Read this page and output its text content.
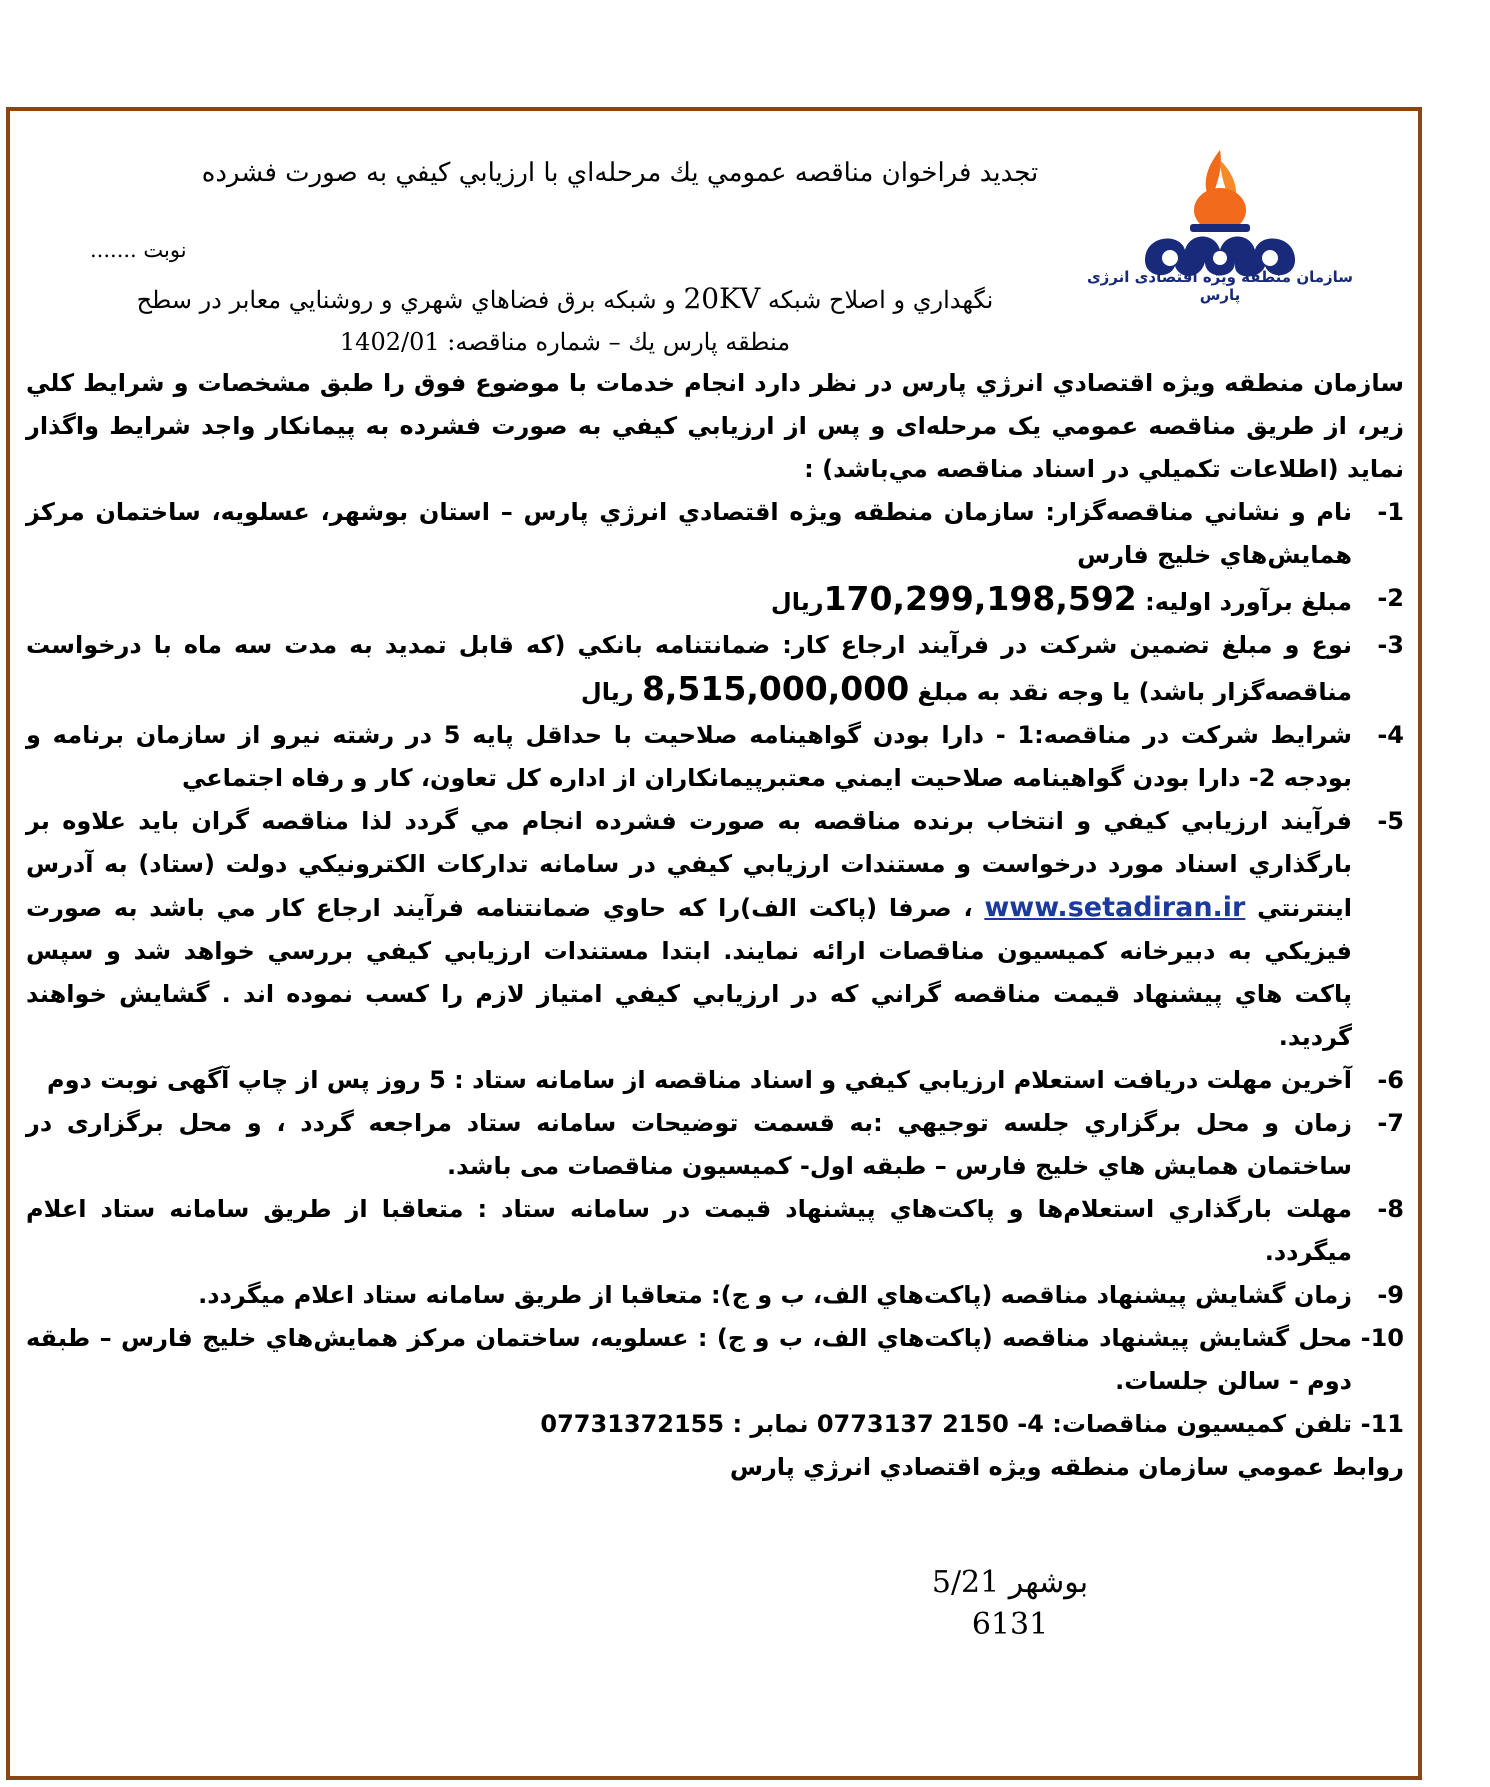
سازمان منطقه ویژه اقتصادی انرژی پارس
تجديد فراخوان مناقصه عمومي يك مرحله‌اي با ارزيابي كيفي به صورت فشرده
نوبت .......
نگهداري و اصلاح شبكه 20KV و شبكه برق فضاهاي شهري و روشنايي معابر در سطح
منطقه پارس يك – شماره مناقصه: 1402/01

سازمان منطقه ويژه اقتصادي انرژي پارس در نظر دارد انجام خدمات با موضوع فوق را طبق مشخصات و شرايط كلي زير، از طريق مناقصه عمومي يک مرحله‌ای و پس از ارزيابي كيفي به صورت فشرده به پيمانكار واجد شرايط واگذار نمايد (اطلاعات تكميلي در اسناد مناقصه مي‌باشد) :

1-
نام و نشاني مناقصه‌گزار: سازمان منطقه ويژه اقتصادي انرژي پارس – استان بوشهر، عسلويه، ساختمان مركز همايش‌هاي خليج فارس
2-
مبلغ برآورد اوليه: 170,299,198,592ريال
3-
نوع و مبلغ تضمين شركت در فرآيند ارجاع كار: ضمانتنامه بانكي (كه قابل تمديد به مدت سه ماه با درخواست مناقصه‌گزار باشد) يا وجه نقد به مبلغ 8,515,000,000 ريال
4-
شرايط شركت در مناقصه:1 - دارا بودن گواهينامه صلاحيت با حداقل پايه 5 در رشته نيرو از سازمان برنامه و بودجه 2- دارا بودن گواهينامه صلاحيت ايمني معتبرپيمانكاران از اداره كل تعاون، كار و رفاه اجتماعي
5-
فرآيند ارزيابي كيفي و انتخاب برنده مناقصه به صورت فشرده انجام مي گردد لذا مناقصه گران بايد علاوه بر بارگذاري اسناد مورد درخواست و مستندات ارزيابي كيفي در سامانه تداركات الكترونيكي دولت (ستاد) به آدرس اينترنتي www.setadiran.ir ، صرفا (پاكت الف)را كه حاوي ضمانتنامه فرآيند ارجاع كار مي باشد به صورت فيزيكي به دبيرخانه كميسيون مناقصات ارائه نمايند. ابتدا مستندات ارزيابي كيفي بررسي خواهد شد و سپس پاكت هاي پيشنهاد قيمت مناقصه گراني كه در ارزيابي كيفي امتياز لازم را كسب نموده اند . گشايش خواهند گرديد.
6-
آخرين مهلت دريافت استعلام ارزيابي كيفي و اسناد مناقصه از سامانه ستاد : 5 روز پس از چاپ آگهی نوبت دوم
7-
زمان و محل برگزاري جلسه توجيهي :به قسمت توضيحات سامانه ستاد مراجعه گردد ، و محل برگزاری در ساختمان همايش هاي خليج فارس – طبقه اول- كميسيون مناقصات می باشد.
8-
مهلت بارگذاري استعلام‌ها و پاكت‌هاي پيشنهاد قيمت در سامانه ستاد : متعاقبا از طريق سامانه ستاد اعلام ميگردد.
9-
زمان گشايش پيشنهاد مناقصه (پاكت‌هاي الف، ب و ج): متعاقبا از طريق سامانه ستاد اعلام ميگردد.
10-
محل گشايش پيشنهاد مناقصه (پاكت‌هاي الف، ب و ج) : عسلويه، ساختمان مركز همايش‌هاي خليج فارس – طبقه دوم - سالن جلسات.
11-
تلفن كميسيون مناقصات: 4- 0773137 2150 نمابر : 07731372155

روابط عمومي سازمان منطقه ويژه اقتصادي انرژي پارس

بوشهر 5/21
6131
